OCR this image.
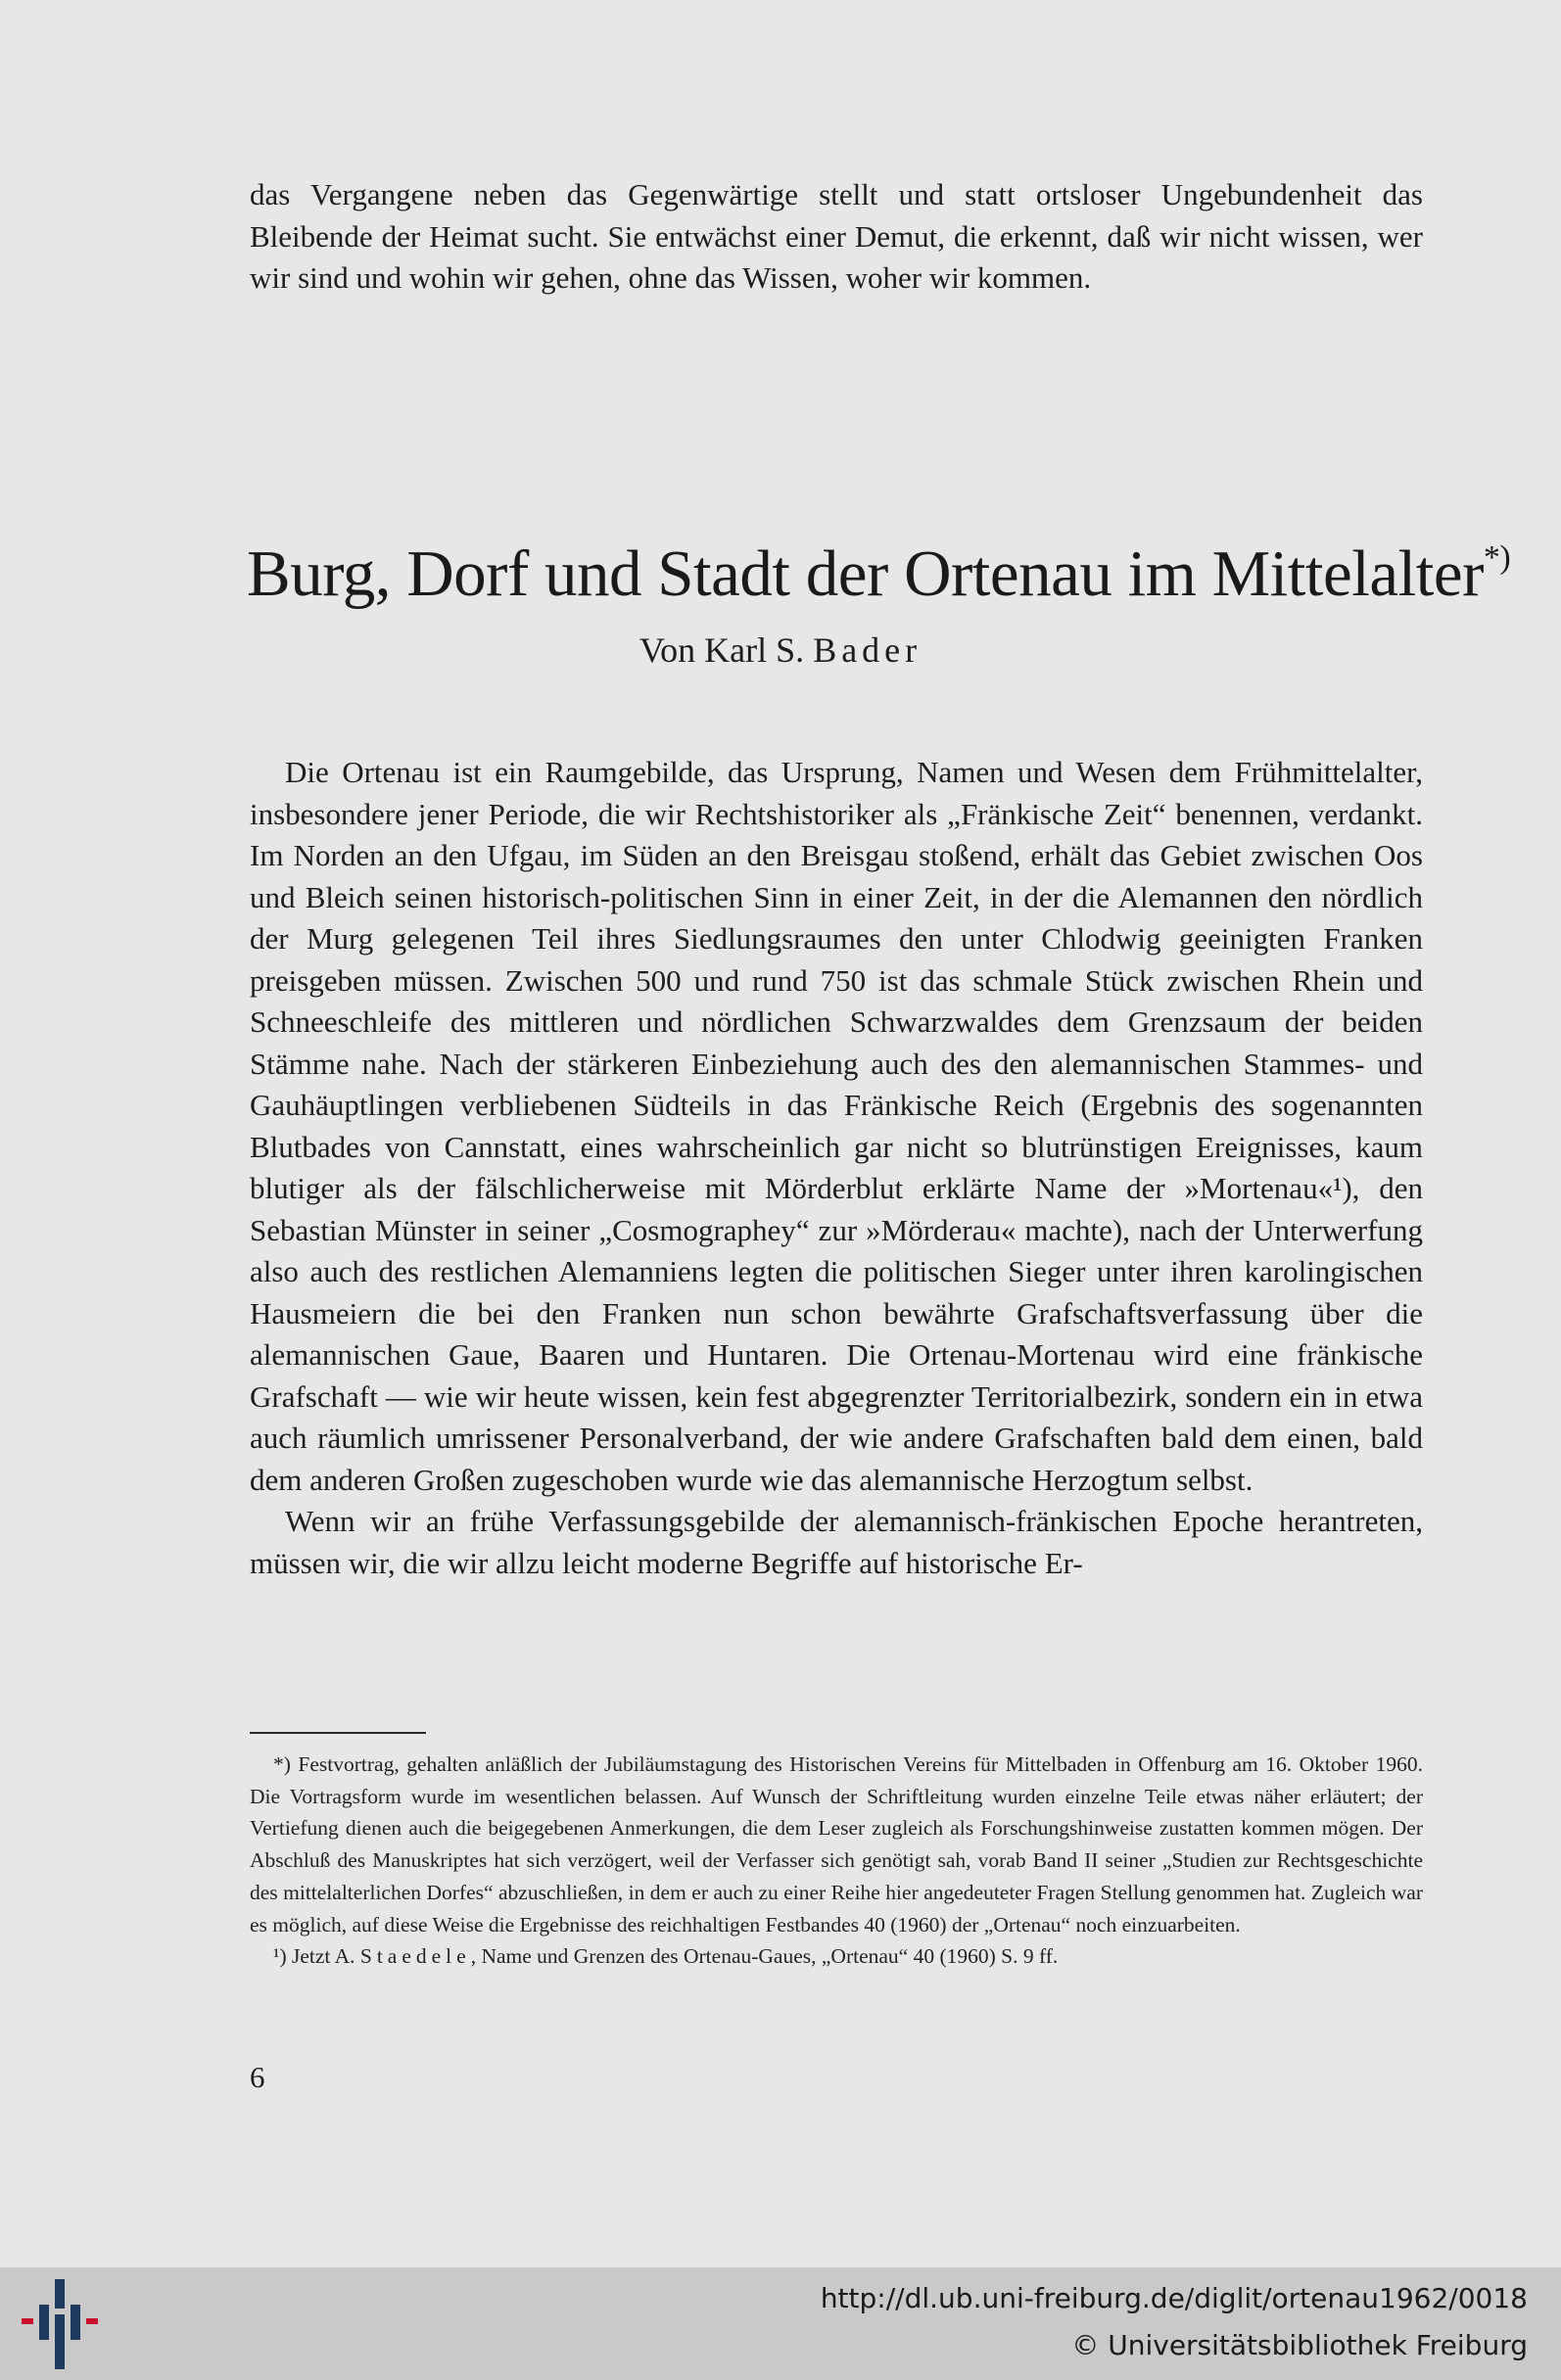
das Vergangene neben das Gegenwärtige stellt und statt ortsloser Ungebundenheit das Bleibende der Heimat sucht. Sie entwächst einer Demut, die erkennt, daß wir nicht wissen, wer wir sind und wohin wir gehen, ohne das Wissen, woher wir kommen.

Burg, Dorf und Stadt der Ortenau im Mittelalter*)
Von Karl S. Bader

Die Ortenau ist ein Raumgebilde, das Ursprung, Namen und Wesen dem Frühmittelalter, insbesondere jener Periode, die wir Rechtshistoriker als „Fränkische Zeit“ benennen, verdankt. Im Norden an den Ufgau, im Süden an den Breisgau stoßend, erhält das Gebiet zwischen Oos und Bleich seinen historisch-politischen Sinn in einer Zeit, in der die Alemannen den nördlich der Murg gelegenen Teil ihres Siedlungsraumes den unter Chlodwig geeinigten Franken preisgeben müssen. Zwischen 500 und rund 750 ist das schmale Stück zwischen Rhein und Schneeschleife des mittleren und nördlichen Schwarzwaldes dem Grenzsaum der beiden Stämme nahe. Nach der stärkeren Einbeziehung auch des den alemannischen Stammes- und Gauhäuptlingen verbliebenen Südteils in das Fränkische Reich (Ergebnis des sogenannten Blutbades von Cannstatt, eines wahrscheinlich gar nicht so blutrünstigen Ereignisses, kaum blutiger als der fälschlicherweise mit Mörderblut erklärte Name der »Mortenau«¹), den Sebastian Münster in seiner „Cosmographey“ zur »Mörderau« machte), nach der Unterwerfung also auch des restlichen Alemanniens legten die politischen Sieger unter ihren karolingischen Hausmeiern die bei den Franken nun schon bewährte Grafschaftsverfassung über die alemannischen Gaue, Baaren und Huntaren. Die Ortenau-Mortenau wird eine fränkische Grafschaft — wie wir heute wissen, kein fest abgegrenzter Territorialbezirk, sondern ein in etwa auch räumlich umrissener Personalverband, der wie andere Grafschaften bald dem einen, bald dem anderen Großen zugeschoben wurde wie das alemannische Herzogtum selbst.

Wenn wir an frühe Verfassungsgebilde der alemannisch-fränkischen Epoche herantreten, müssen wir, die wir allzu leicht moderne Begriffe auf historische Er-

*) Festvortrag, gehalten anläßlich der Jubiläumstagung des Historischen Vereins für Mittelbaden in Offenburg am 16. Oktober 1960. Die Vortragsform wurde im wesentlichen belassen. Auf Wunsch der Schriftleitung wurden einzelne Teile etwas näher erläutert; der Vertiefung dienen auch die beigegebenen Anmerkungen, die dem Leser zugleich als Forschungshinweise zustatten kommen mögen. Der Abschluß des Manuskriptes hat sich verzögert, weil der Verfasser sich genötigt sah, vorab Band II seiner „Studien zur Rechtsgeschichte des mittelalterlichen Dorfes“ abzuschließen, in dem er auch zu einer Reihe hier angedeuteter Fragen Stellung genommen hat. Zugleich war es möglich, auf diese Weise die Ergebnisse des reichhaltigen Festbandes 40 (1960) der „Ortenau“ noch einzuarbeiten.

¹) Jetzt A. Staedele, Name und Grenzen des Ortenau-Gaues, „Ortenau“ 40 (1960) S. 9 ff.

6
http://dl.ub.uni-freiburg.de/diglit/ortenau1962/0018
© Universitätsbibliothek Freiburg
